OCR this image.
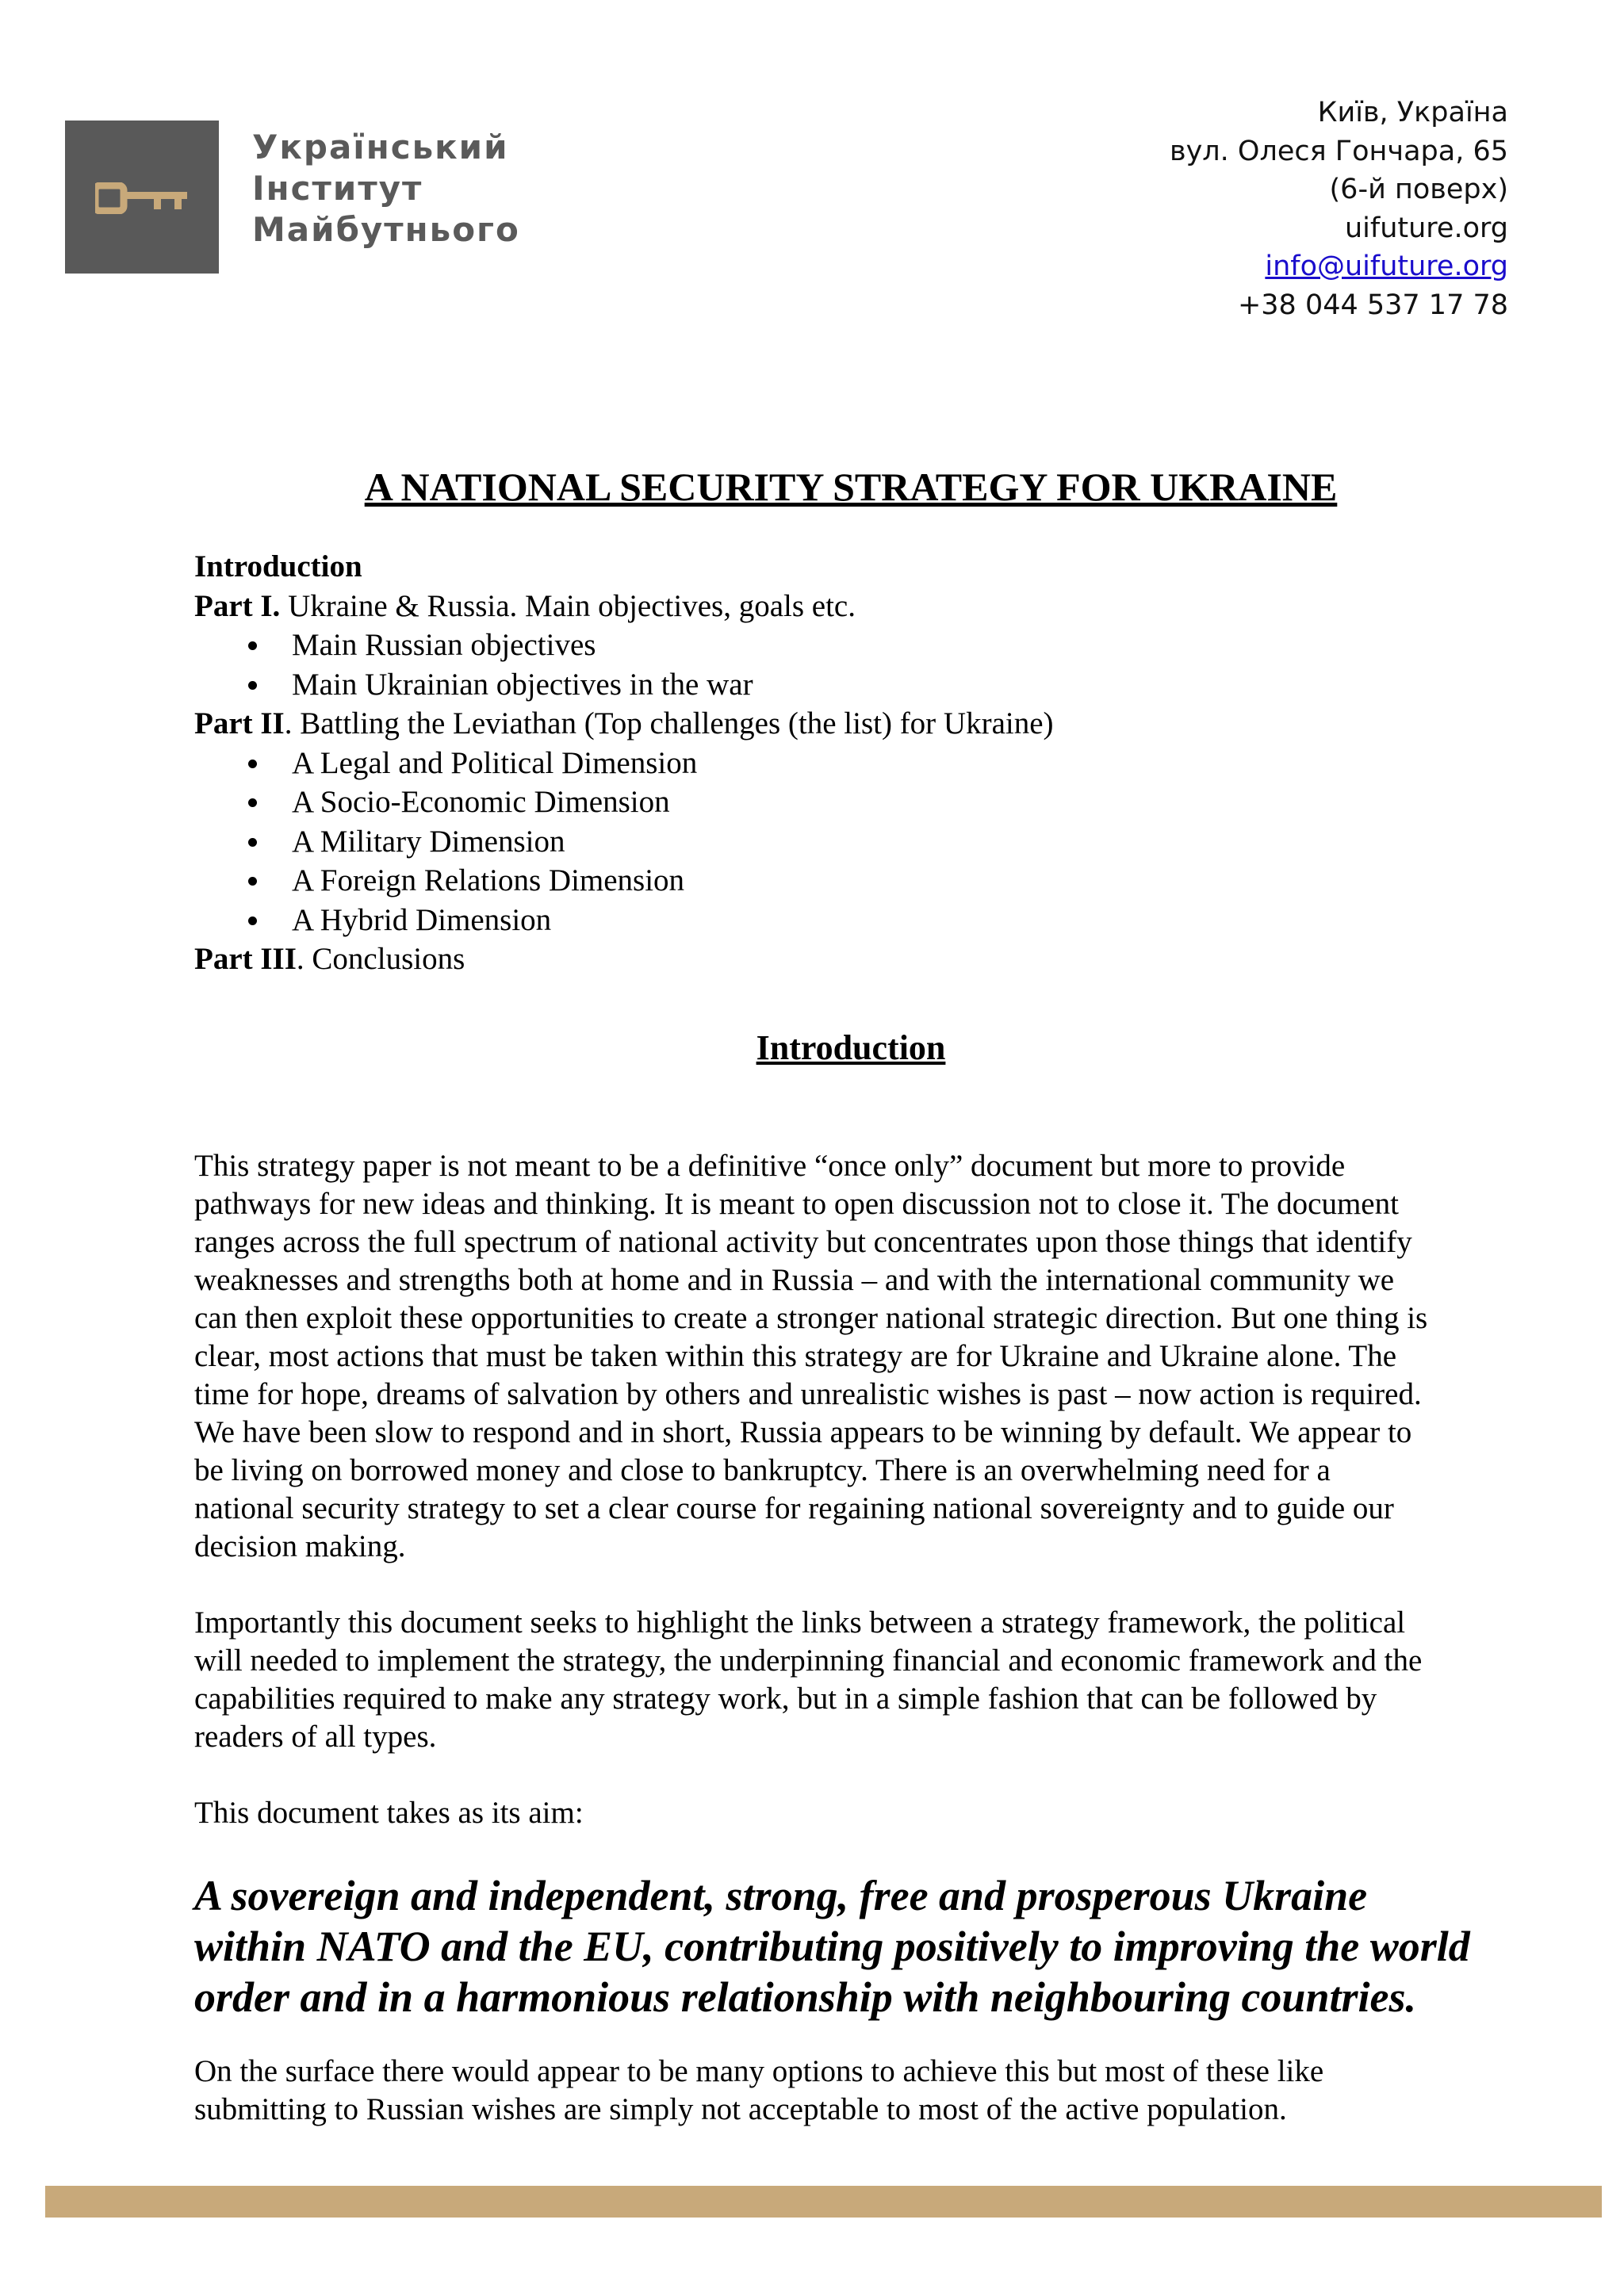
Український
Інститут
Майбутнього
Київ, Україна
вул. Олеся Гончара, 65
(6-й поверх)
uifuture.org
info@uifuture.org
+38 044 537 17 78
A NATIONAL SECURITY STRATEGY FOR UKRAINE
Introduction
Part I. Ukraine & Russia. Main objectives, goals etc.
Main Russian objectives
Main Ukrainian objectives in the war
Part II. Battling the Leviathan (Top challenges (the list) for Ukraine)
A Legal and Political Dimension
A Socio-Economic Dimension
A Military Dimension
A Foreign Relations Dimension
A Hybrid Dimension
Part III. Conclusions
Introduction

This strategy paper is not meant to be a definitive “once only” document but more to provide
pathways for new ideas and thinking. It is meant to open discussion not to close it. The document
ranges across the full spectrum of national activity but concentrates upon those things that identify
weaknesses and strengths both at home and in Russia – and with the international community we
can then exploit these opportunities to create a stronger national strategic direction. But one thing is
clear, most actions that must be taken within this strategy are for Ukraine and Ukraine alone. The
time for hope, dreams of salvation by others and unrealistic wishes is past – now action is required.
We have been slow to respond and in short, Russia appears to be winning by default. We appear to
be living on borrowed money and close to bankruptcy. There is an overwhelming need for a
national security strategy to set a clear course for regaining national sovereignty and to guide our
decision making.

Importantly this document seeks to highlight the links between a strategy framework, the political
will needed to implement the strategy, the underpinning financial and economic framework and the
capabilities required to make any strategy work, but in a simple fashion that can be followed by
readers of all types.

This document takes as its aim:

A sovereign and independent, strong, free and prosperous Ukraine
within NATO and the EU, contributing positively to improving the world
order and in a harmonious relationship with neighbouring countries.

On the surface there would appear to be many options to achieve this but most of these like
submitting to Russian wishes are simply not acceptable to most of the active population.
